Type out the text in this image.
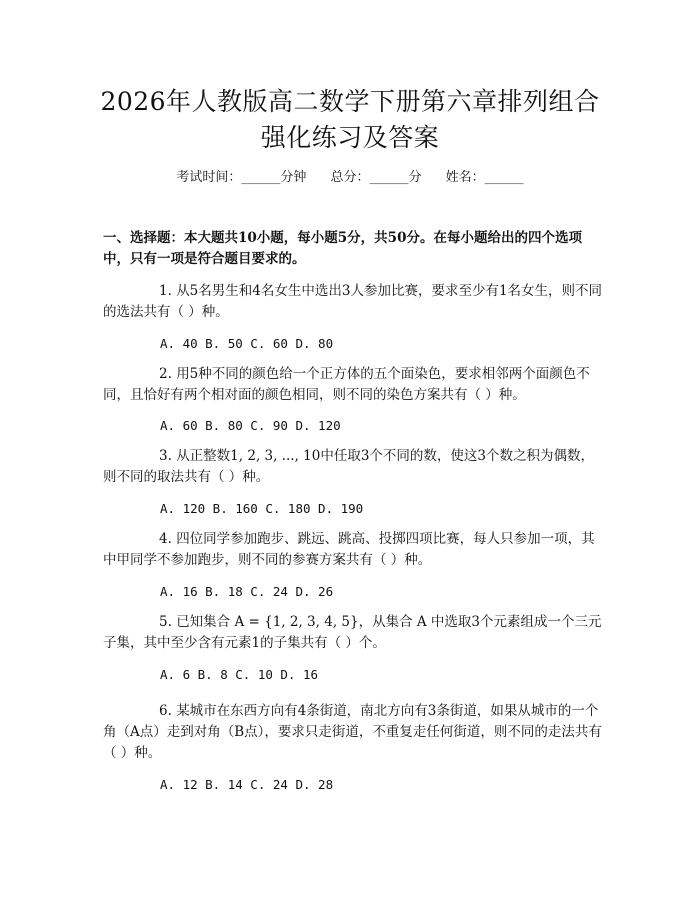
2026年人教版高二数学下册第六章排列组合
强化练习及答案
考试时间：______分钟 总分：______分 姓名：______
一、选择题：本大题共10小题，每小题5分，共50分。在每小题给出的四个选项中，只有一项是符合题目要求的。
1. 从5名男生和4名女生中选出3人参加比赛，要求至少有1名女生，则不同的选法共有（ ）种。
A. 40 B. 50 C. 60 D. 80
2. 用5种不同的颜色给一个正方体的五个面染色，要求相邻两个面颜色不同，且恰好有两个相对面的颜色相同，则不同的染色方案共有（ ）种。
A. 60 B. 80 C. 90 D. 120
3. 从正整数1, 2, 3, ..., 10中任取3个不同的数，使这3个数之积为偶数，则不同的取法共有（ ）种。
A. 120 B. 160 C. 180 D. 190
4. 四位同学参加跑步、跳远、跳高、投掷四项比赛，每人只参加一项，其中甲同学不参加跑步，则不同的参赛方案共有（ ）种。
A. 16 B. 18 C. 24 D. 26
5. 已知集合 A = {1, 2, 3, 4, 5}，从集合 A 中选取3个元素组成一个三元子集，其中至少含有元素1的子集共有（ ）个。
A. 6 B. 8 C. 10 D. 16
6. 某城市在东西方向有4条街道，南北方向有3条街道，如果从城市的一个角（A点）走到对角（B点），要求只走街道，不重复走任何街道，则不同的走法共有（ ）种。
A. 12 B. 14 C. 24 D. 28
